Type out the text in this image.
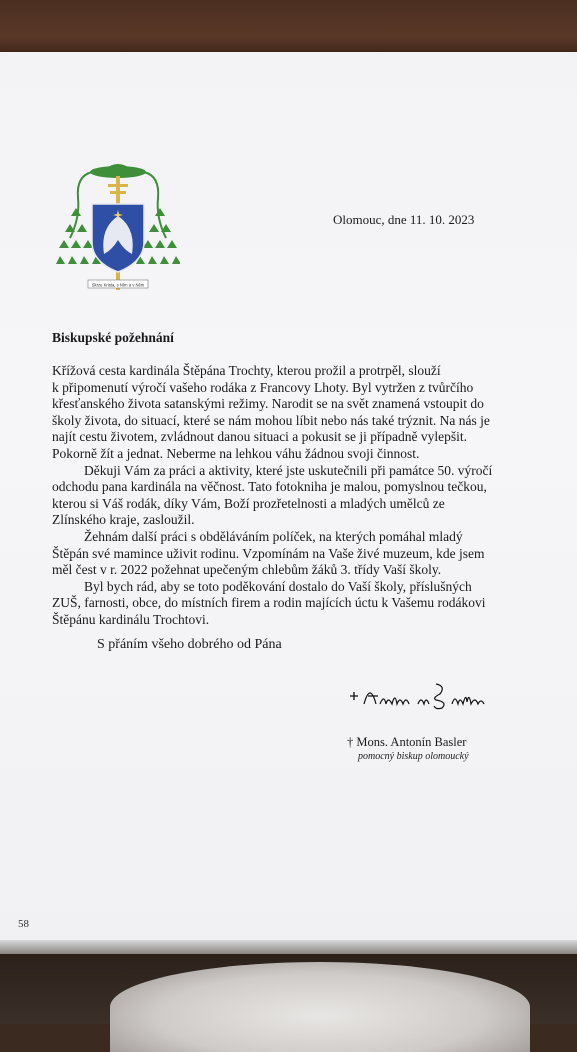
Skrze Krista, s Ním a v Něm
Olomouc, dne 11. 10. 2023
Biskupské požehnání

Křížová cesta kardinála Štěpána Trochty, kterou prožil a protrpěl, slouží

k připomenutí výročí vašeho rodáka z Francovy Lhoty. Byl vytržen z tvůrčího

křesťanského života satanskými režimy. Narodit se na svět znamená vstoupit do

školy života, do situací, které se nám mohou líbit nebo nás také trýznit. Na nás je

najít cestu životem, zvládnout danou situaci a pokusit se ji případně vylepšit.

Pokorně žít a jednat. Neberme na lehkou váhu žádnou svoji činnost.

Děkuji Vám za práci a aktivity, které jste uskutečnili při památce 50. výročí

odchodu pana kardinála na věčnost. Tato fotokniha je malou, pomyslnou tečkou,

kterou si Váš rodák, díky Vám, Boží prozřetelnosti a mladých umělců ze

Zlínského kraje, zasloužil.

Žehnám další práci s obděláváním políček, na kterých pomáhal mladý

Štěpán své mamince uživit rodinu. Vzpomínám na Vaše živé muzeum, kde jsem

měl čest v r. 2022 požehnat upečeným chlebům žáků 3. třídy Vaší školy.

Byl bych rád, aby se toto poděkování dostalo do Vaší školy, příslušných

ZUŠ, farnosti, obce, do místních firem a rodin majících úctu k Vašemu rodákovi

Štěpánu kardinálu Trochtovi.

S přáním všeho dobrého od Pána
† Mons. Antonín Basler
pomocný biskup olomoucký
58
